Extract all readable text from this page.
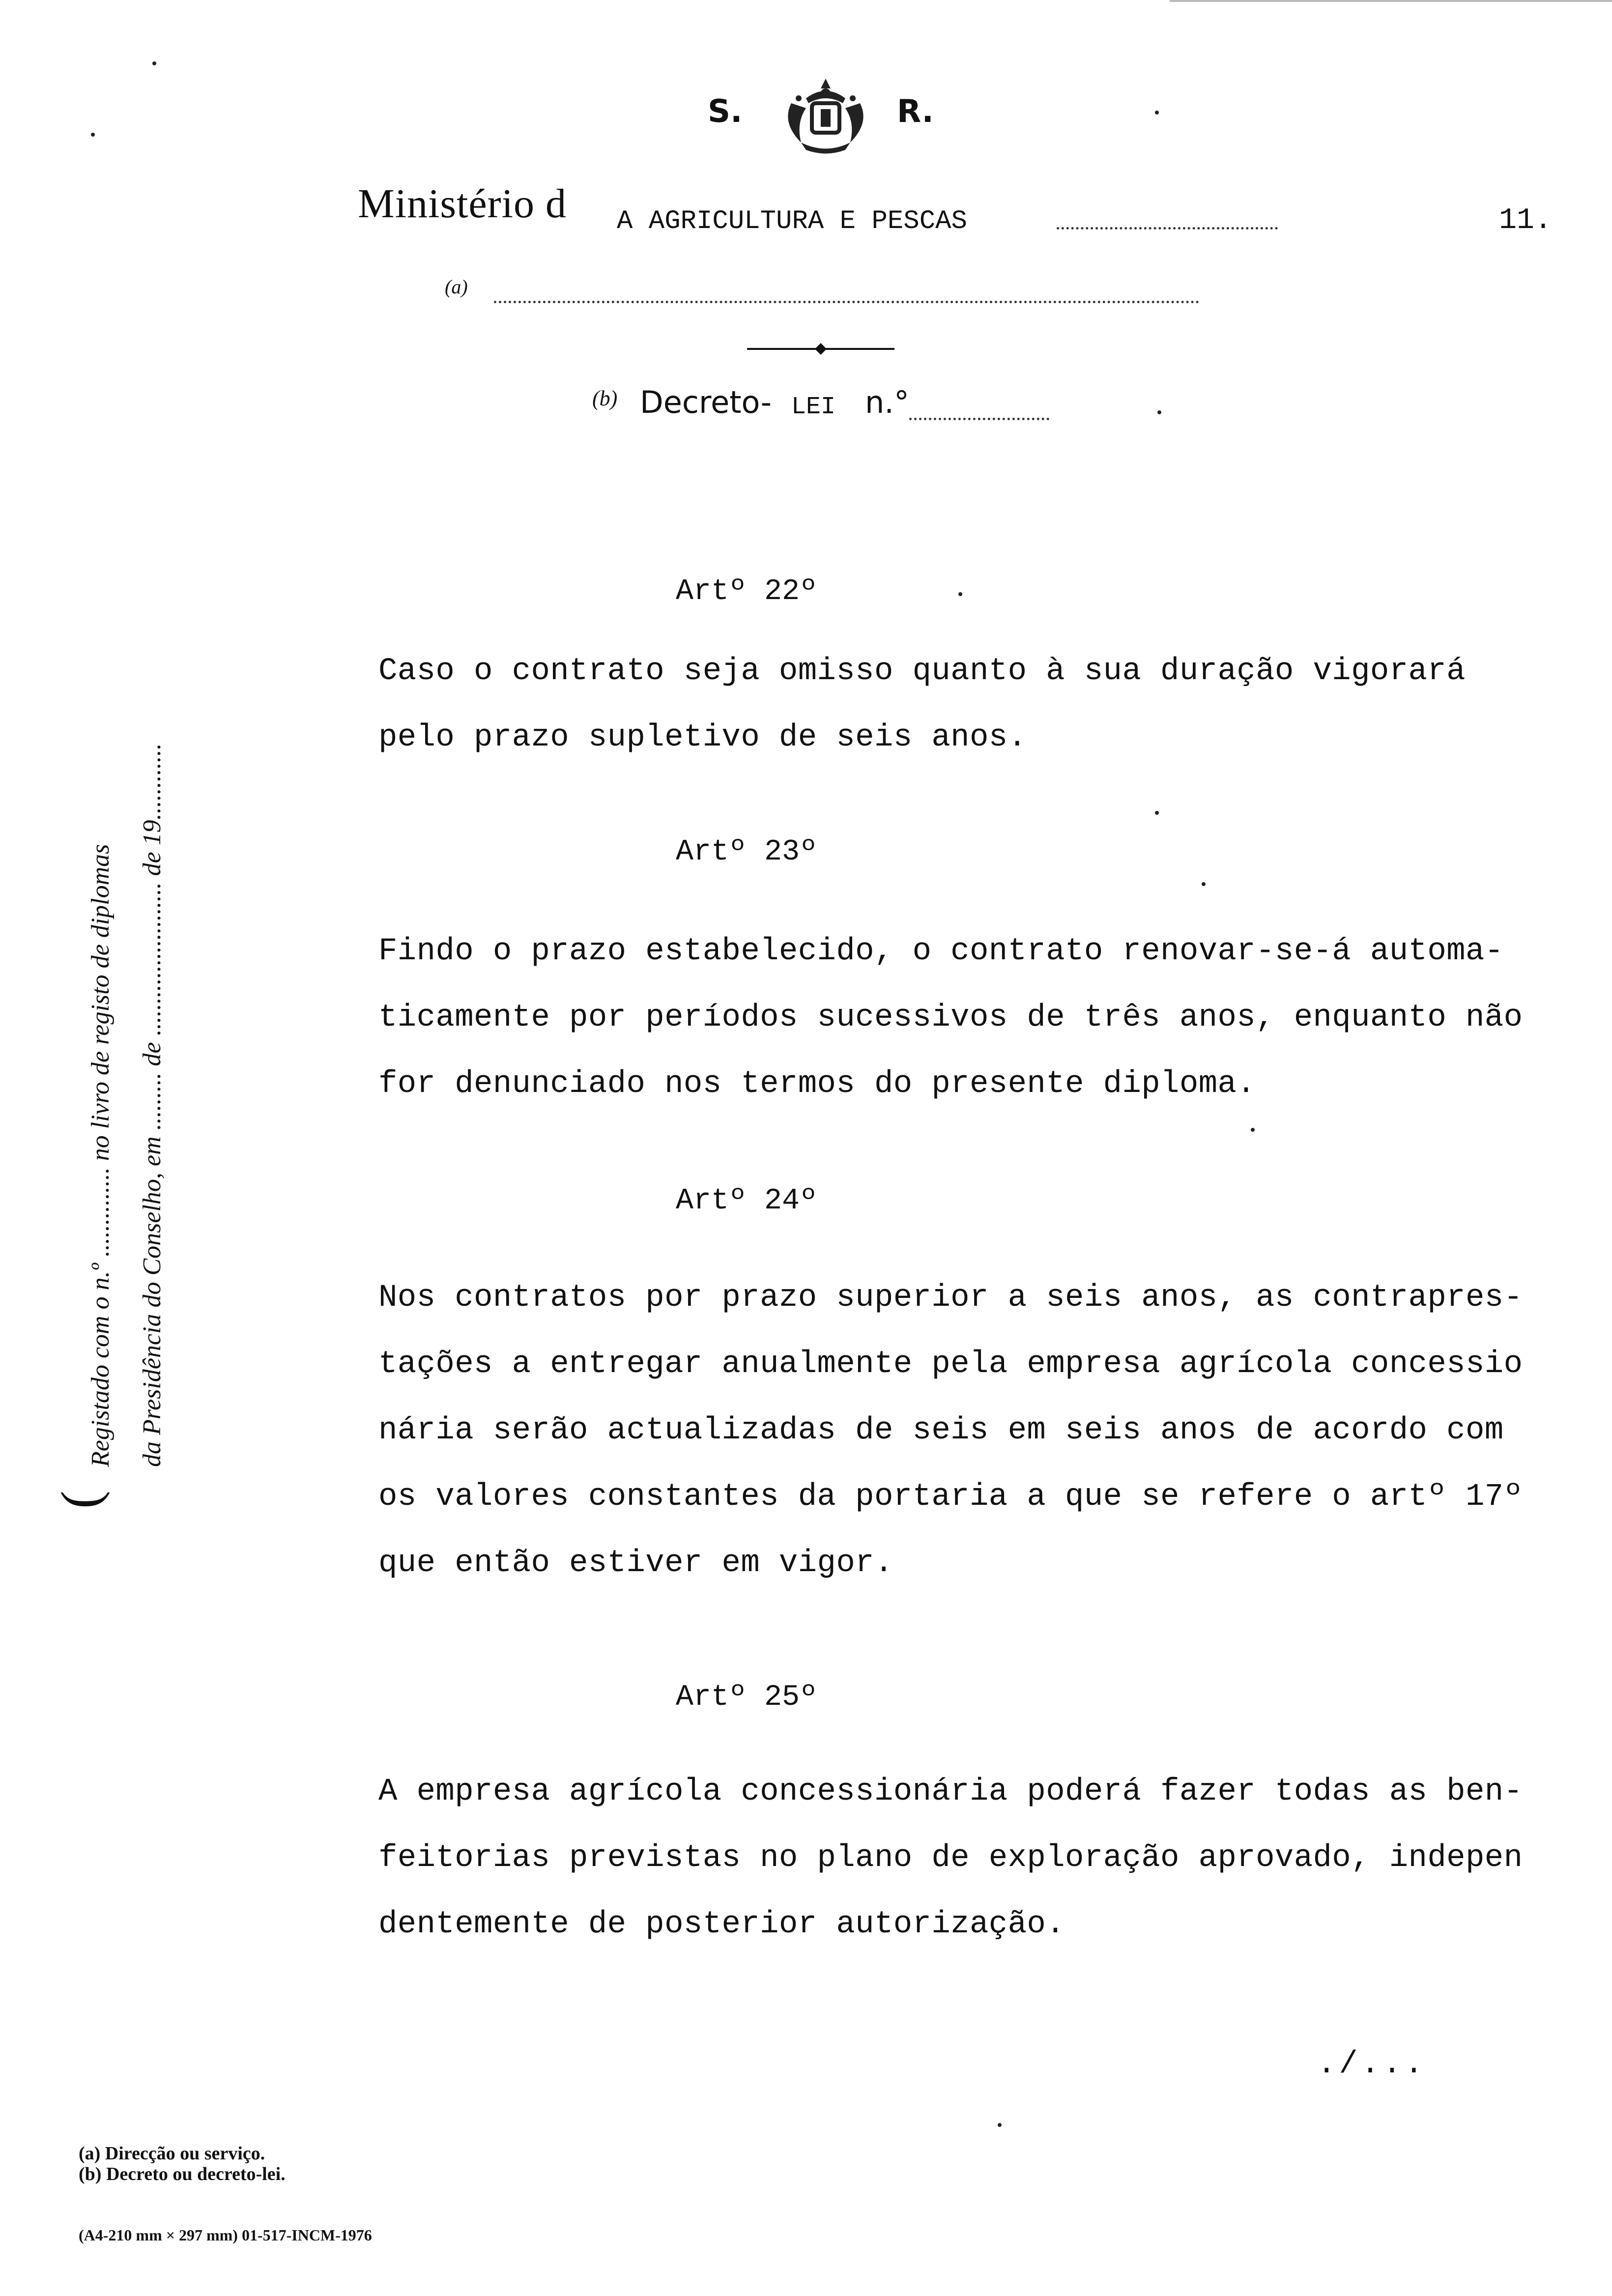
S.	R.
Ministério d A AGRICULTURA E PESCAS	11.
(a)
(b) Decreto- LEI n.°
(
Registado com o n.º .............. no livro de registo de diplomas da Presidência do Conselho, em ......... de ........................ de 19............
Artº 22º
Caso o contrato seja omisso quanto à sua duração vigorará
pelo prazo supletivo de seis anos.
Artº 23º
Findo o prazo estabelecido, o contrato renovar-se-á automa-
ticamente por períodos sucessivos de três anos, enquanto não
for denunciado nos termos do presente diploma.
Artº 24º
Nos contratos por prazo superior a seis anos, as contrapres-
tações a entregar anualmente pela empresa agrícola concessio
nária serão actualizadas de seis em seis anos de acordo com
os valores constantes da portaria a que se refere o artº 17º
que então estiver em vigor.
Artº 25º
A empresa agrícola concessionária poderá fazer todas as ben-
feitorias previstas no plano de exploração aprovado, indepen
dentemente de posterior autorização.
./...
(a) Direcção ou serviço.
(b) Decreto ou decreto-lei.
(A4-210 mm × 297 mm) 01-517-INCM-1976
